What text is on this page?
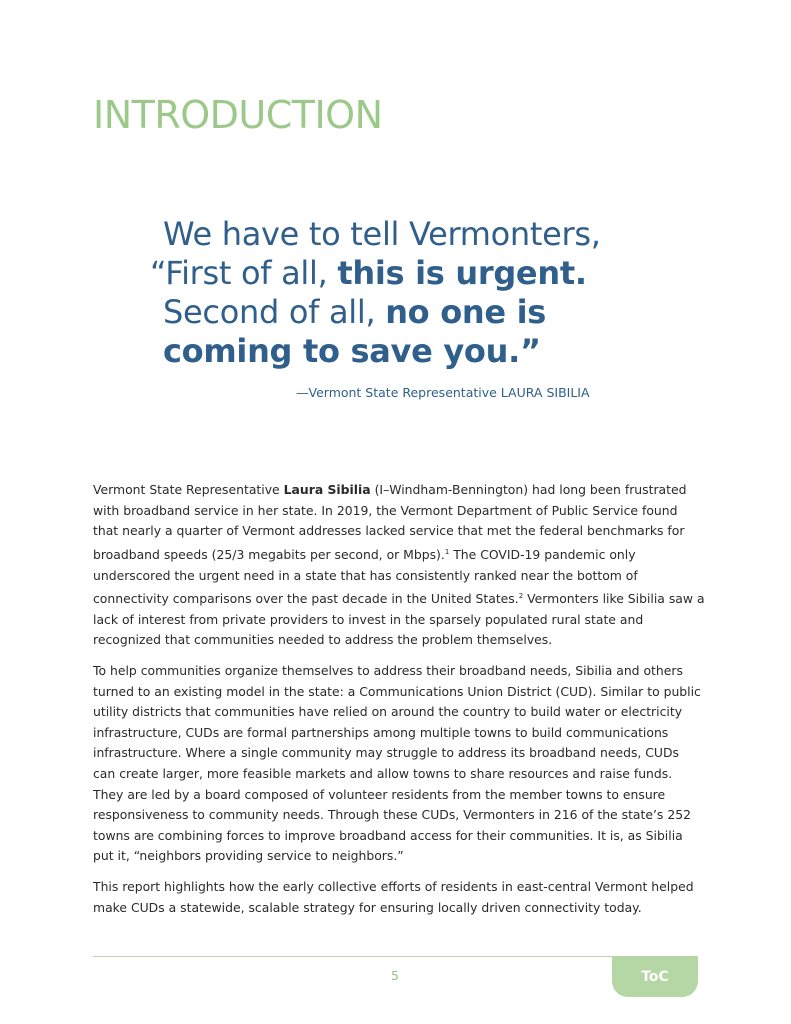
INTRODUCTION
We have to tell Vermonters,
“First of all, this is urgent.
Second of all, no one is
coming to save you.”
—Vermont State Representative LAURA SIBILIA

Vermont State Representative Laura Sibilia (I–Windham-Bennington) had long been frustrated with broadband service in her state. In 2019, the Vermont Department of Public Service found that nearly a quarter of Vermont addresses lacked service that met the federal benchmarks for broadband speeds (25/3 megabits per second, or Mbps).$^1$ The COVID-19 pandemic only underscored the urgent need in a state that has consistently ranked near the bottom of connectivity comparisons over the past decade in the United States.$^2$ Vermonters like Sibilia saw a lack of interest from private providers to invest in the sparsely populated rural state and recognized that communities needed to address the problem themselves.

To help communities organize themselves to address their broadband needs, Sibilia and others turned to an existing model in the state: a Communications Union District (CUD). Similar to public utility districts that communities have relied on around the country to build water or electricity infrastructure, CUDs are formal partnerships among multiple towns to build communications infrastructure. Where a single community may struggle to address its broadband needs, CUDs can create larger, more feasible markets and allow towns to share resources and raise funds. They are led by a board composed of volunteer residents from the member towns to ensure responsiveness to community needs. Through these CUDs, Vermonters in 216 of the state’s 252 towns are combining forces to improve broadband access for their communities. It is, as Sibilia put it, “neighbors providing service to neighbors.”

This report highlights how the early collective efforts of residents in east-central Vermont helped make CUDs a statewide, scalable strategy for ensuring locally driven connectivity today.

5	ToC
